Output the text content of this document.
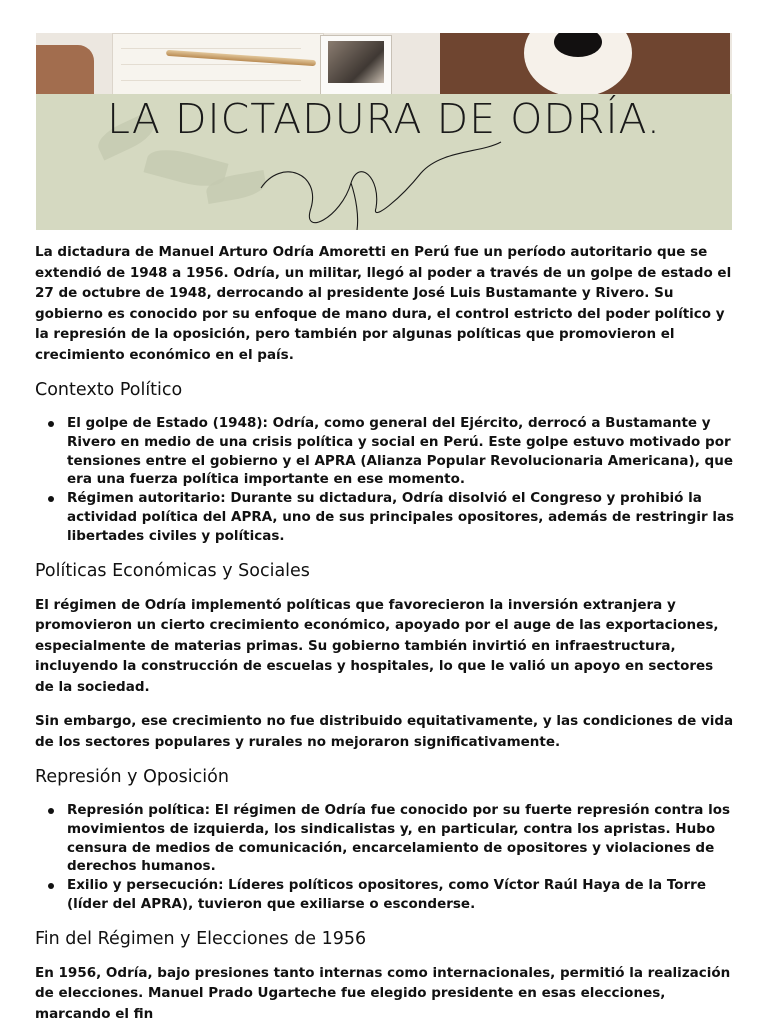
LA DICTADURA DE ODRÍA.

La dictadura de Manuel Arturo Odría Amoretti en Perú fue un período autoritario que se extendió de 1948 a 1956. Odría, un militar, llegó al poder a través de un golpe de estado el 27 de octubre de 1948, derrocando al presidente José Luis Bustamante y Rivero. Su gobierno es conocido por su enfoque de mano dura, el control estricto del poder político y la represión de la oposición, pero también por algunas políticas que promovieron el crecimiento económico en el país.

Contexto Político
El golpe de Estado (1948): Odría, como general del Ejército, derrocó a Bustamante y Rivero en medio de una crisis política y social en Perú. Este golpe estuvo motivado por tensiones entre el gobierno y el APRA (Alianza Popular Revolucionaria Americana), que era una fuerza política importante en ese momento.
Régimen autoritario: Durante su dictadura, Odría disolvió el Congreso y prohibió la actividad política del APRA, uno de sus principales opositores, además de restringir las libertades civiles y políticas.
Políticas Económicas y Sociales

El régimen de Odría implementó políticas que favorecieron la inversión extranjera y promovieron un cierto crecimiento económico, apoyado por el auge de las exportaciones, especialmente de materias primas. Su gobierno también invirtió en infraestructura, incluyendo la construcción de escuelas y hospitales, lo que le valió un apoyo en sectores de la sociedad.

Sin embargo, ese crecimiento no fue distribuido equitativamente, y las condiciones de vida de los sectores populares y rurales no mejoraron significativamente.

Represión y Oposición
Represión política: El régimen de Odría fue conocido por su fuerte represión contra los movimientos de izquierda, los sindicalistas y, en particular, contra los apristas. Hubo censura de medios de comunicación, encarcelamiento de opositores y violaciones de derechos humanos.
Exilio y persecución: Líderes políticos opositores, como Víctor Raúl Haya de la Torre (líder del APRA), tuvieron que exiliarse o esconderse.
Fin del Régimen y Elecciones de 1956

En 1956, Odría, bajo presiones tanto internas como internacionales, permitió la realización de elecciones. Manuel Prado Ugarteche fue elegido presidente en esas elecciones, marcando el fin
